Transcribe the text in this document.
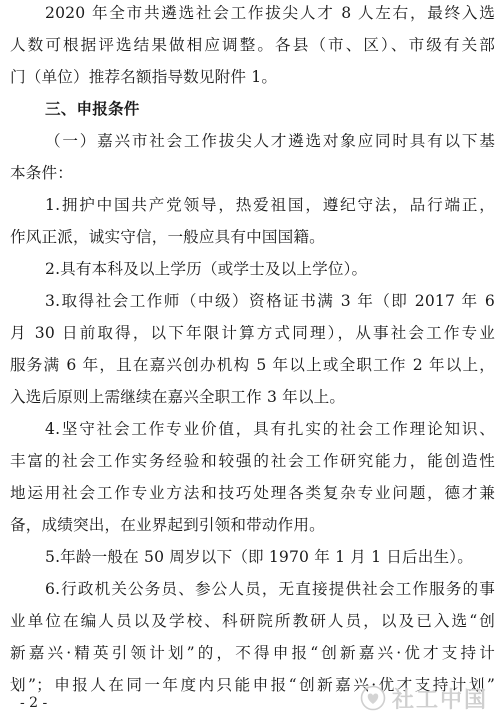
2020 年全市共遴选社会工作拔尖人才 8 人左右，最终入选
人数可根据评选结果做相应调整。各县（市、区）、市级有关部
门（单位）推荐名额指导数见附件 1。
三、申报条件
（一）嘉兴市社会工作拔尖人才遴选对象应同时具有以下基
本条件：
1.拥护中国共产党领导，热爱祖国，遵纪守法，品行端正，
作风正派，诚实守信，一般应具有中国国籍。
2.具有本科及以上学历（或学士及以上学位）。
3.取得社会工作师（中级）资格证书满 3 年（即 2017 年 6
月 30 日前取得，以下年限计算方式同理），从事社会工作专业
服务满 6 年，且在嘉兴创办机构 5 年以上或全职工作 2 年以上，
入选后原则上需继续在嘉兴全职工作 3 年以上。
4.坚守社会工作专业价值，具有扎实的社会工作理论知识、
丰富的社会工作实务经验和较强的社会工作研究能力，能创造性
地运用社会工作专业方法和技巧处理各类复杂专业问题，德才兼
备，成绩突出，在业界起到引领和带动作用。
5.年龄一般在 50 周岁以下（即 1970 年 1 月 1 日后出生）。
6.行政机关公务员、参公人员，无直接提供社会工作服务的事
业单位在编人员以及学校、科研院所教研人员，以及已入选“创
新嘉兴·精英引领计划”的，不得申报“创新嘉兴·优才支持计
划”；申报人在同一年度内只能申报“创新嘉兴·优才支持计划”
- 2 -	社工中国
